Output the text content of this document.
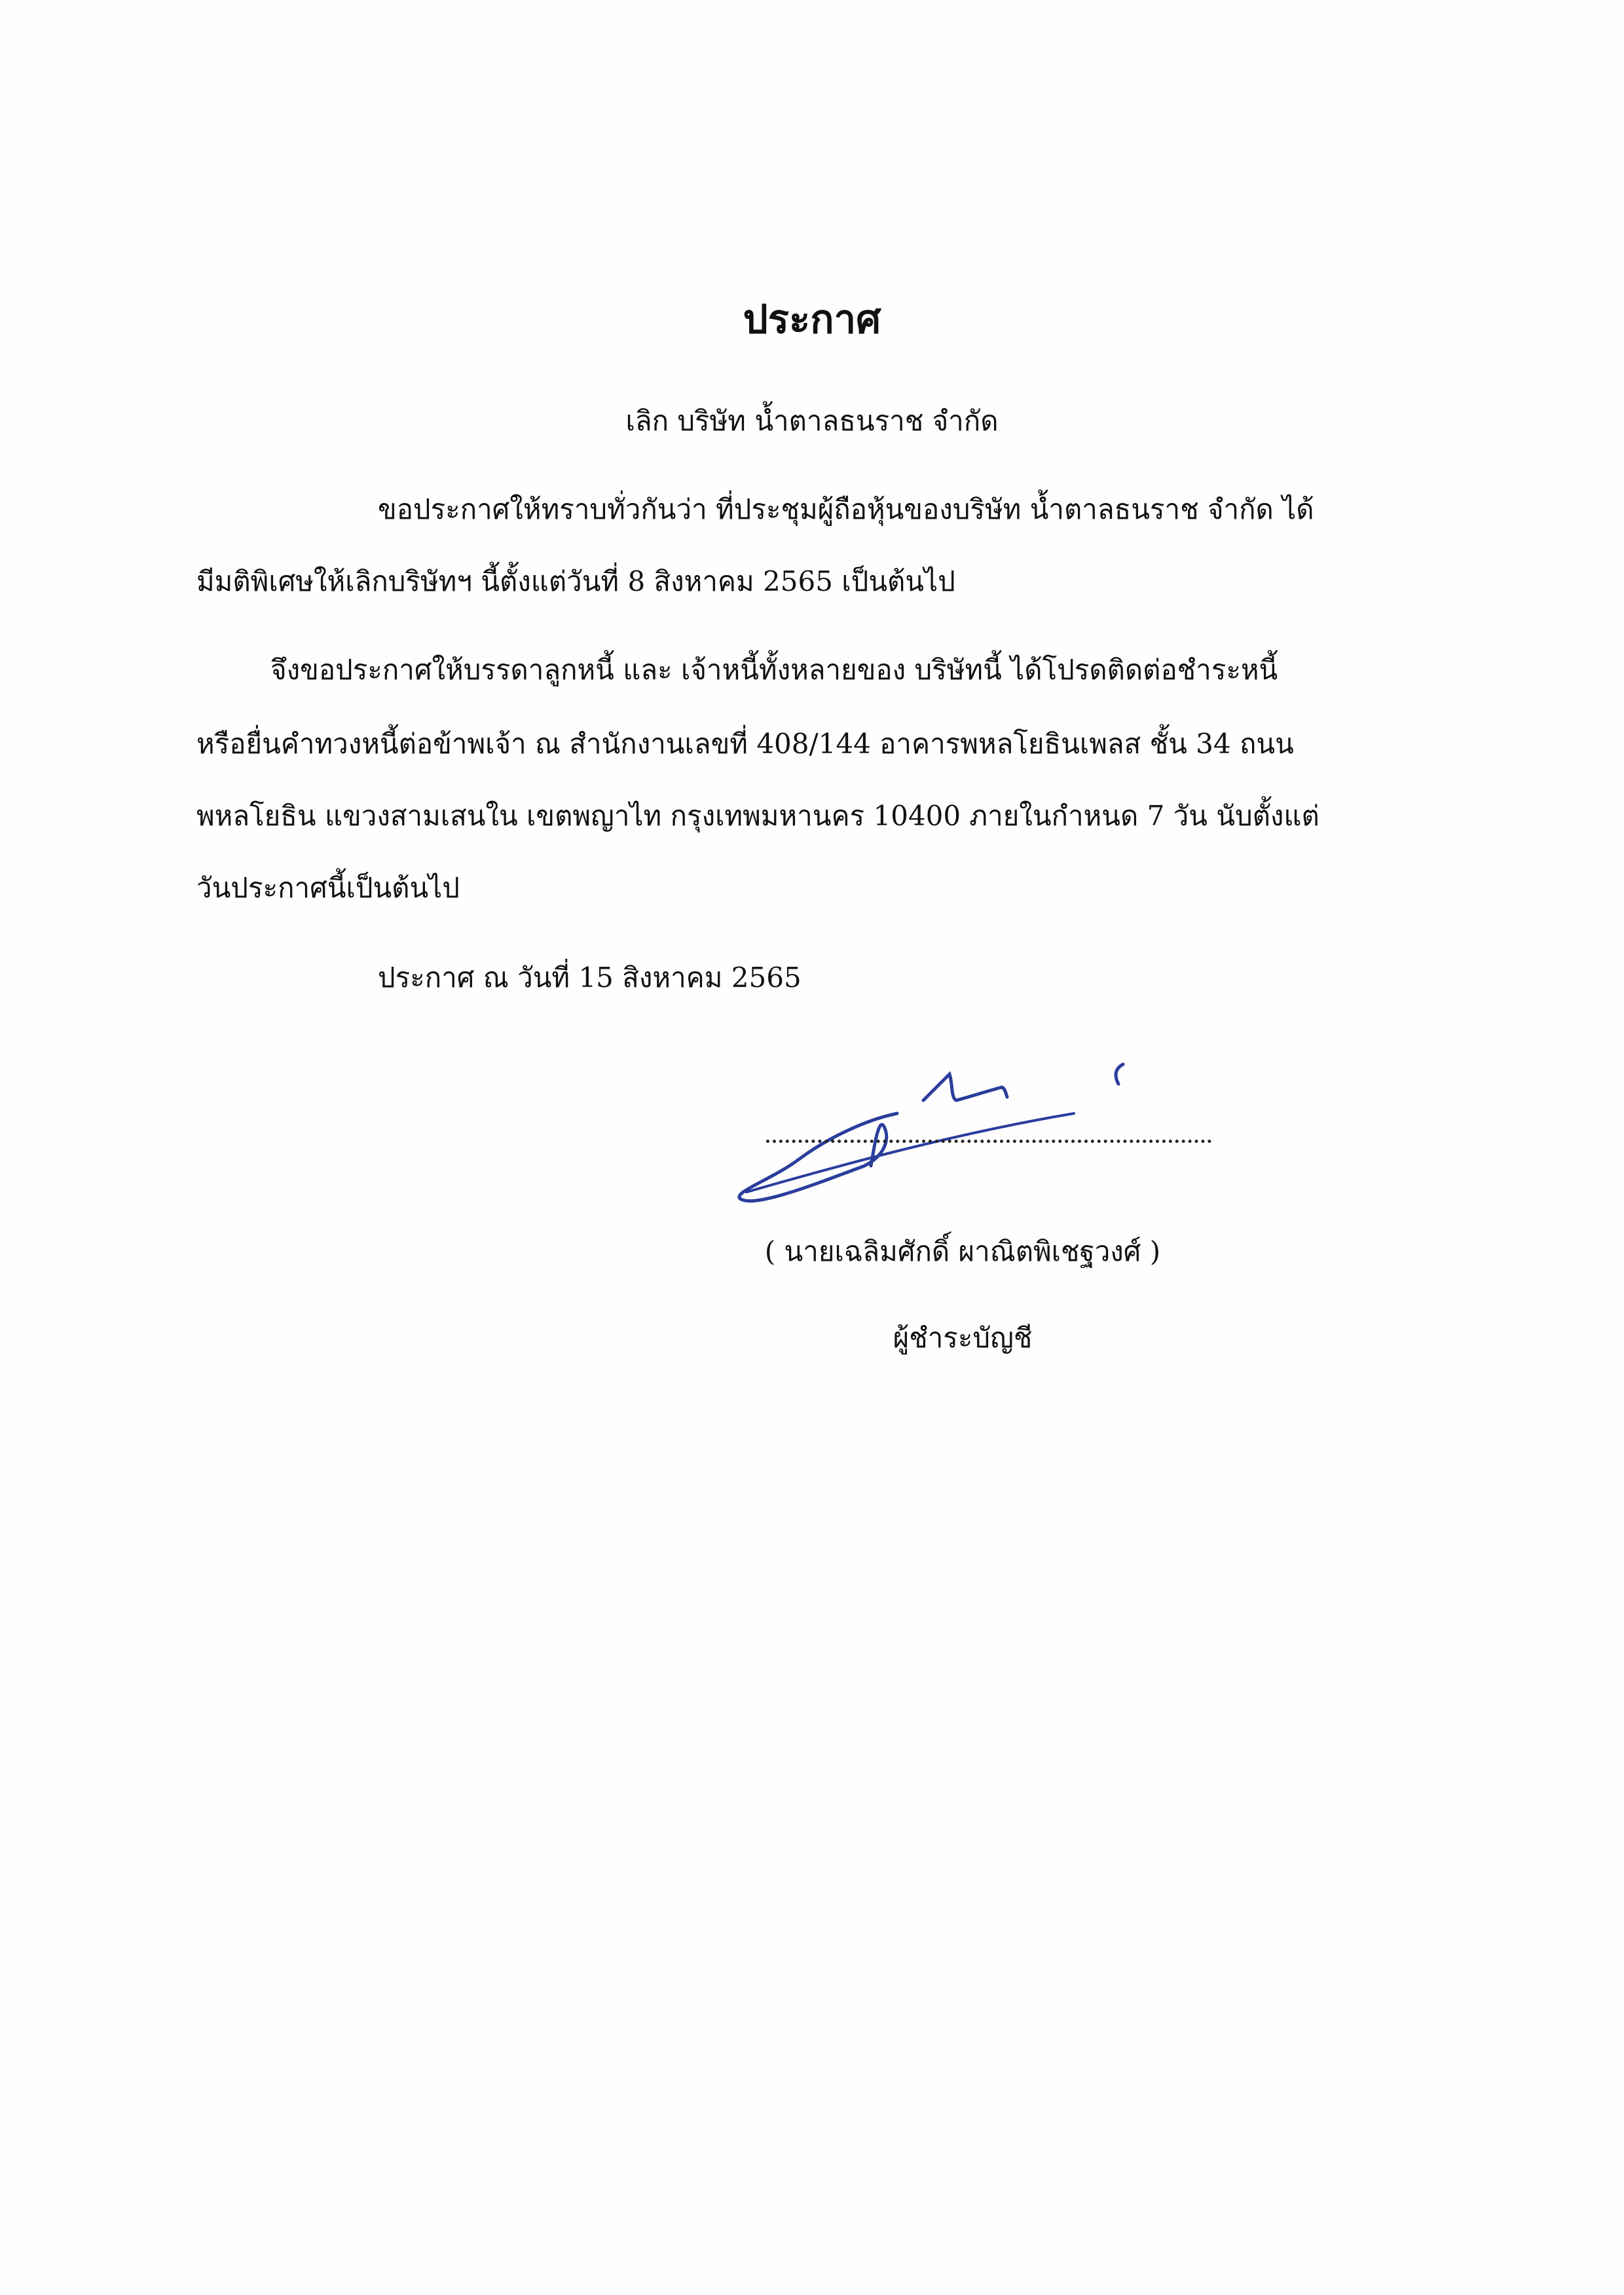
ประกาศ

เลิก บริษัท น้ำตาลธนราช จำกัด

ขอประกาศให้ทราบทั่วกันว่า ที่ประชุมผู้ถือหุ้นของบริษัท น้ำตาลธนราช จำกัด ได้

มีมติพิเศษให้เลิกบริษัทฯ นี้ตั้งแต่วันที่ 8 สิงหาคม 2565 เป็นต้นไป

จึงขอประกาศให้บรรดาลูกหนี้ และ เจ้าหนี้ทั้งหลายของ บริษัทนี้ ได้โปรดติดต่อชำระหนี้

หรือยื่นคำทวงหนี้ต่อข้าพเจ้า ณ สำนักงานเลขที่ 408/144 อาคารพหลโยธินเพลส ชั้น 34 ถนน

พหลโยธิน แขวงสามเสนใน เขตพญาไท กรุงเทพมหานคร 10400 ภายในกำหนด 7 วัน นับตั้งแต่

วันประกาศนี้เป็นต้นไป

ประกาศ ณ วันที่ 15 สิงหาคม 2565

( นายเฉลิมศักดิ์ ผาณิตพิเชฐวงศ์ )

ผู้ชำระบัญชี
